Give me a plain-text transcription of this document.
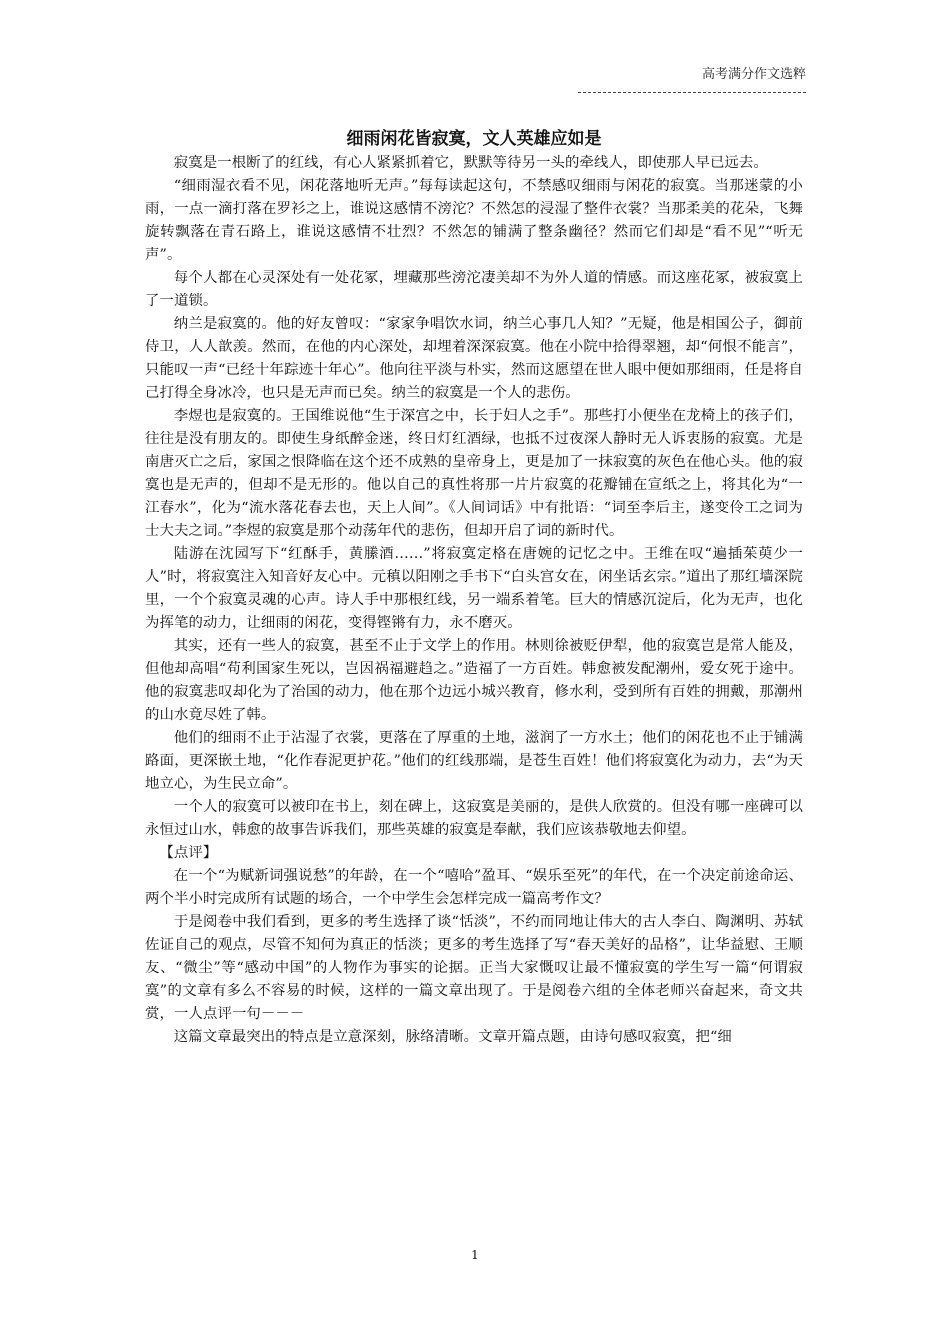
高考满分作文选粹
细雨闲花皆寂寞，文人英雄应如是

寂寞是一根断了的红线，有心人紧紧抓着它，默默等待另一头的牵线人，即使那人早已远去。

“细雨湿衣看不见，闲花落地听无声。”每每读起这句，不禁感叹细雨与闲花的寂寞。当那迷蒙的小雨，一点一滴打落在罗衫之上，谁说这感情不滂沱？不然怎的浸湿了整件衣裳？当那柔美的花朵，飞舞旋转飘落在青石路上，谁说这感情不壮烈？不然怎的铺满了整条幽径？然而它们却是“看不见”“听无声”。

每个人都在心灵深处有一处花冢，埋藏那些滂沱凄美却不为外人道的情感。而这座花冢，被寂寞上了一道锁。

纳兰是寂寞的。他的好友曾叹：“家家争唱饮水词，纳兰心事几人知？”无疑，他是相国公子，御前侍卫，人人歆羡。然而，在他的内心深处，却埋着深深寂寞。他在小院中拾得翠翘，却“何恨不能言”，只能叹一声“已经十年踪迹十年心”。他向往平淡与朴实，然而这愿望在世人眼中便如那细雨，任是将自己打得全身冰冷，也只是无声而已矣。纳兰的寂寞是一个人的悲伤。

李煜也是寂寞的。王国维说他“生于深宫之中，长于妇人之手”。那些打小便坐在龙椅上的孩子们，往往是没有朋友的。即使生身纸醉金迷，终日灯红酒绿，也抵不过夜深人静时无人诉衷肠的寂寞。尤是南唐灭亡之后，家国之恨降临在这个还不成熟的皇帝身上，更是加了一抹寂寞的灰色在他心头。他的寂寞也是无声的，但却不是无形的。他以自己的真性将那一片片寂寞的花瓣铺在宣纸之上，将其化为“一江春水”，化为“流水落花春去也，天上人间”。《人间词话》中有批语：“词至李后主，遂变伶工之词为士大夫之词。”李煜的寂寞是那个动荡年代的悲伤，但却开启了词的新时代。

陆游在沈园写下“红酥手，黄縢酒……”将寂寞定格在唐婉的记忆之中。王维在叹“遍插茱萸少一人”时，将寂寞注入知音好友心中。元稹以阳刚之手书下“白头宫女在，闲坐话玄宗。”道出了那红墙深院里，一个个寂寞灵魂的心声。诗人手中那根红线，另一端系着笔。巨大的情感沉淀后，化为无声，也化为挥笔的动力，让细雨的闲花，变得铿锵有力，永不磨灭。

其实，还有一些人的寂寞，甚至不止于文学上的作用。林则徐被贬伊犁，他的寂寞岂是常人能及，但他却高唱“苟利国家生死以，岂因祸福避趋之。”造福了一方百姓。韩愈被发配潮州，爱女死于途中。他的寂寞悲叹却化为了治国的动力，他在那个边远小城兴教育，修水利，受到所有百姓的拥戴，那潮州的山水竟尽姓了韩。

他们的细雨不止于沾湿了衣裳，更落在了厚重的土地，滋润了一方水土；他们的闲花也不止于铺满路面，更深嵌土地，“化作春泥更护花。”他们的红线那端，是苍生百姓！他们将寂寞化为动力，去“为天地立心，为生民立命”。

一个人的寂寞可以被印在书上，刻在碑上，这寂寞是美丽的，是供人欣赏的。但没有哪一座碑可以永恒过山水，韩愈的故事告诉我们，那些英雄的寂寞是奉献，我们应该恭敬地去仰望。

【点评】

在一个“为赋新词强说愁”的年龄，在一个“嘻哈”盈耳、“娱乐至死”的年代，在一个决定前途命运、两个半小时完成所有试题的场合，一个中学生会怎样完成一篇高考作文？

于是阅卷中我们看到，更多的考生选择了谈“恬淡”，不约而同地让伟大的古人李白、陶渊明、苏轼佐证自己的观点，尽管不知何为真正的恬淡；更多的考生选择了写“春天美好的品格”，让华益慰、王顺友、“微尘”等“感动中国”的人物作为事实的论据。正当大家慨叹让最不懂寂寞的学生写一篇“何谓寂寞”的文章有多么不容易的时候，这样的一篇文章出现了。于是阅卷六组的全体老师兴奋起来，奇文共赏，一人点评一句－－－

这篇文章最突出的特点是立意深刻，脉络清晰。文章开篇点题，由诗句感叹寂寞，把“细

1
